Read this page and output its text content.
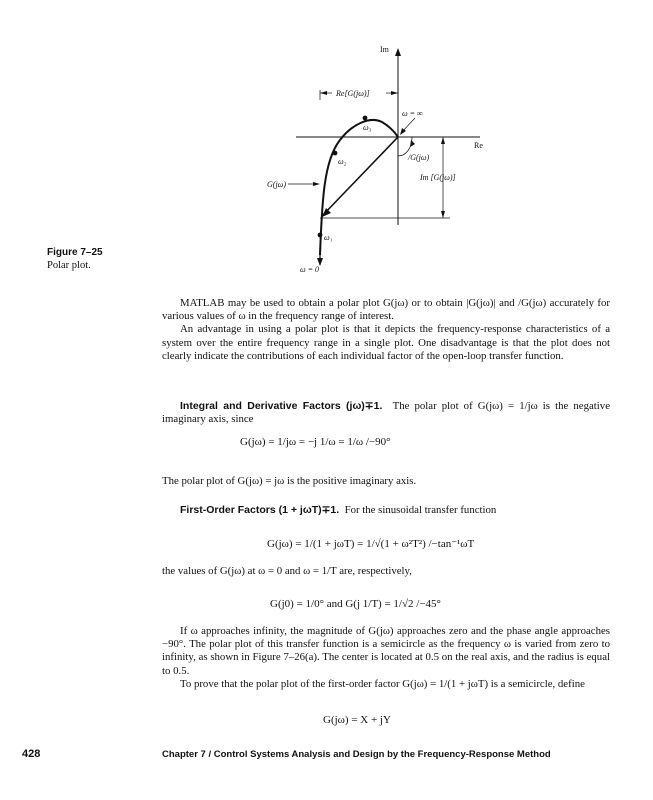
Im
Re
Re[G(jω)]
ω = ∞
ω₃
ω₂
ω₁
ω = 0
/G(jω)
Im [G(jω)]
G(jω)
Figure 7–25
Polar plot.

MATLAB may be used to obtain a polar plot G(jω) or to obtain |G(jω)| and /G(jω) accurately for various values of ω in the frequency range of interest.

An advantage in using a polar plot is that it depicts the frequency-response characteristics of a system over the entire frequency range in a single plot. One disadvantage is that the plot does not clearly indicate the contributions of each individual factor of the open-loop transfer function.

Integral and Derivative Factors (jω)∓1. The polar plot of G(jω) = 1/jω is the negative imaginary axis, since

G(jω) = 1/jω = −j 1/ω = 1/ω /−90°

The polar plot of G(jω) = jω is the positive imaginary axis.

First-Order Factors (1 + jωT)∓1. For the sinusoidal transfer function

G(jω) = 1/(1 + jωT) = 1/√(1 + ω²T²) /−tan⁻¹ωT

the values of G(jω) at ω = 0 and ω = 1/T are, respectively,

G(j0) = 1/0° and G(j 1/T) = 1/√2 /−45°

If ω approaches infinity, the magnitude of G(jω) approaches zero and the phase angle approaches −90°. The polar plot of this transfer function is a semicircle as the frequency ω is varied from zero to infinity, as shown in Figure 7–26(a). The center is located at 0.5 on the real axis, and the radius is equal to 0.5.

To prove that the polar plot of the first-order factor G(jω) = 1/(1 + jωT) is a semicircle, define

G(jω) = X + jY
428	Chapter 7 / Control Systems Analysis and Design by the Frequency-Response Method
